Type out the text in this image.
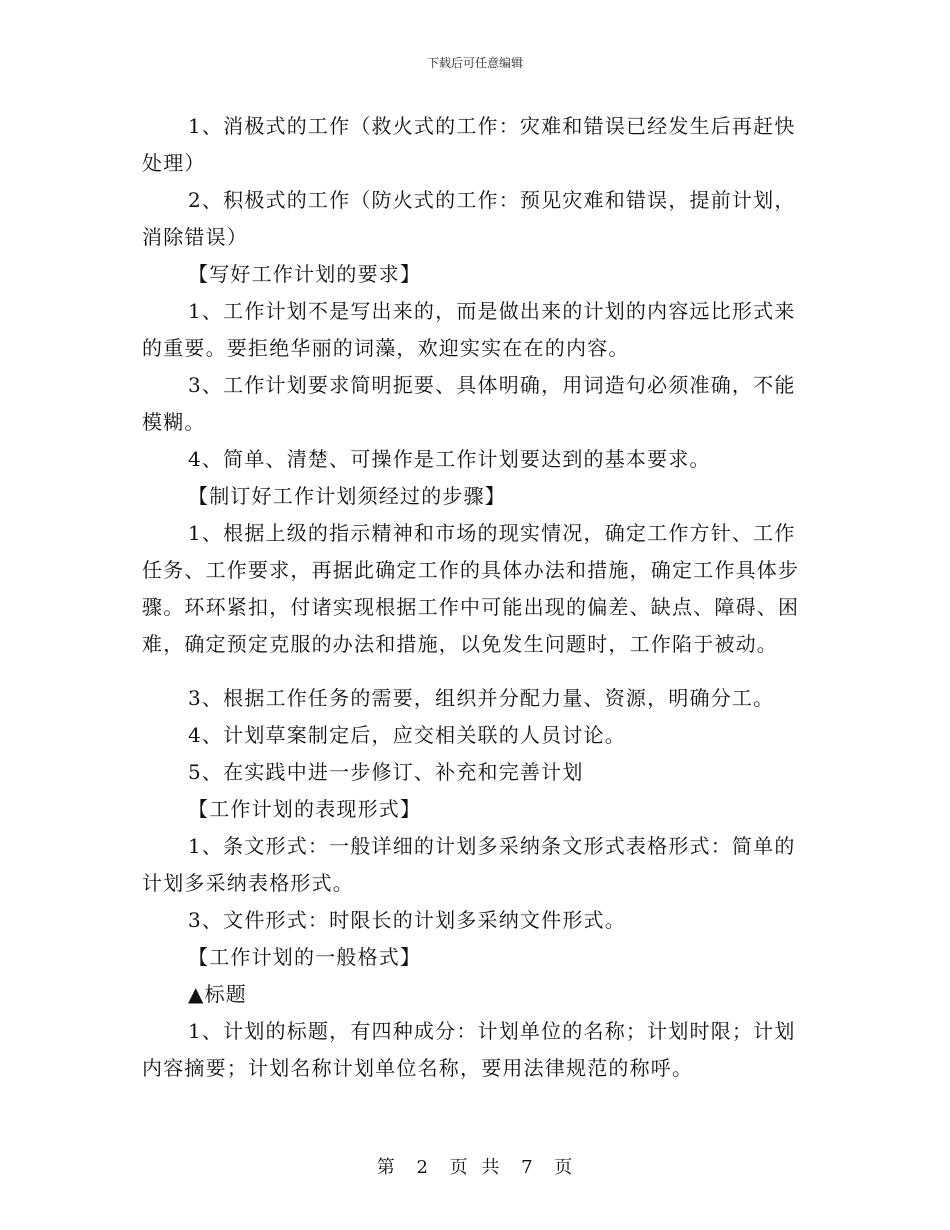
下载后可任意编辑

1、消极式的工作（救火式的工作：灾难和错误已经发生后再赶快处理）

2、积极式的工作（防火式的工作：预见灾难和错误，提前计划，消除错误）

【写好工作计划的要求】

1、工作计划不是写出来的，而是做出来的计划的内容远比形式来的重要。要拒绝华丽的词藻，欢迎实实在在的内容。

3、工作计划要求简明扼要、具体明确，用词造句必须准确，不能模糊。

4、简单、清楚、可操作是工作计划要达到的基本要求。

【制订好工作计划须经过的步骤】

1、根据上级的指示精神和市场的现实情况，确定工作方针、工作任务、工作要求，再据此确定工作的具体办法和措施，确定工作具体步骤。环环紧扣，付诸实现根据工作中可能出现的偏差、缺点、障碍、困难，确定预定克服的办法和措施，以免发生问题时，工作陷于被动。

3、根据工作任务的需要，组织并分配力量、资源，明确分工。

4、计划草案制定后，应交相关联的人员讨论。

5、在实践中进一步修订、补充和完善计划

【工作计划的表现形式】

1、条文形式：一般详细的计划多采纳条文形式表格形式：简单的计划多采纳表格形式。

3、文件形式：时限长的计划多采纳文件形式。

【工作计划的一般格式】

▲标题

1、计划的标题，有四种成分：计划单位的名称；计划时限；计划内容摘要；计划名称计划单位名称，要用法律规范的称呼。

第 2 页 共 7 页
